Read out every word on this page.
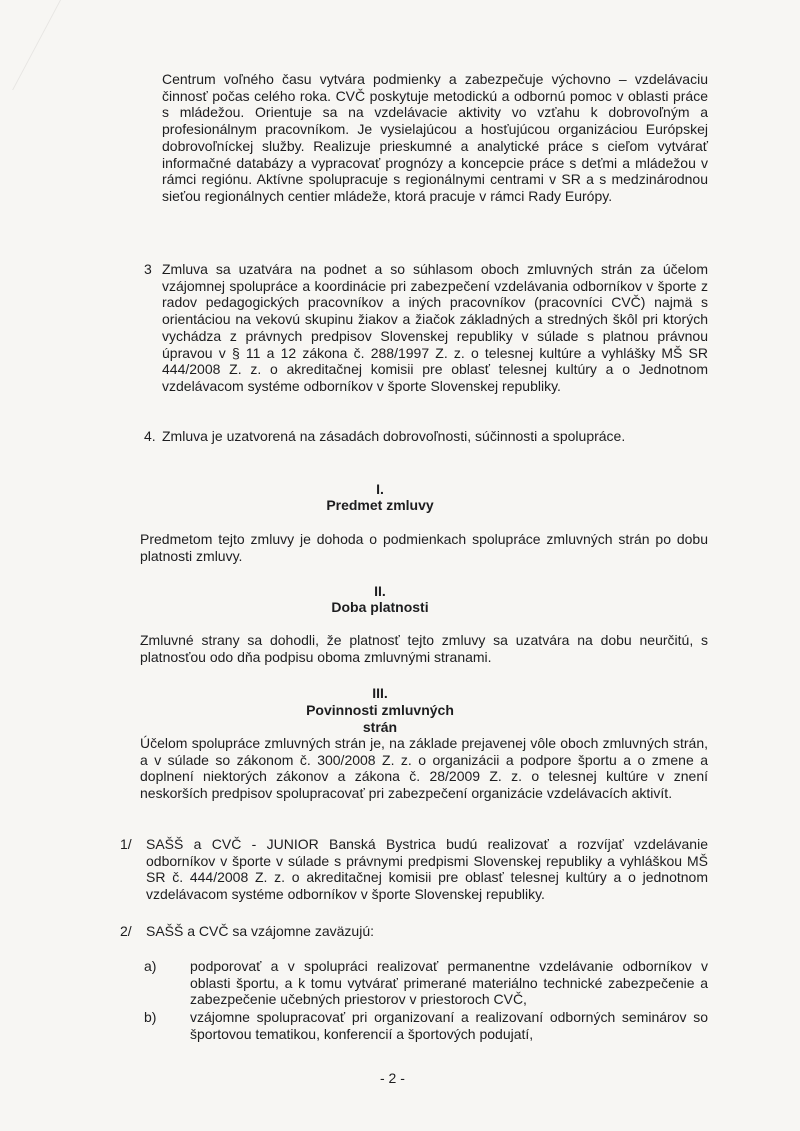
Centrum voľného času vytvára podmienky a zabezpečuje výchovno – vzdelávaciu činnosť počas celého roka. CVČ poskytuje metodickú a odbornú pomoc v oblasti práce s mládežou. Orientuje sa na vzdelávacie aktivity vo vzťahu k dobrovoľným a profesionálnym pracovníkom. Je vysielajúcou a hosťujúcou organizáciou Európskej dobrovoľníckej služby. Realizuje prieskumné a analytické práce s cieľom vytvárať informačné databázy a vypracovať prognózy a koncepcie práce s deťmi a mládežou v rámci regiónu. Aktívne spolupracuje s regionálnymi centrami v SR a s medzinárodnou sieťou regionálnych centier mládeže, ktorá pracuje v rámci Rady Európy.

3 Zmluva sa uzatvára na podnet a so súhlasom oboch zmluvných strán za účelom vzájomnej spolupráce a koordinácie pri zabezpečení vzdelávania odborníkov v športe z radov pedagogických pracovníkov a iných pracovníkov (pracovníci CVČ) najmä s orientáciou na vekovú skupinu žiakov a žiačok základných a stredných škôl pri ktorých vychádza z právnych predpisov Slovenskej republiky v súlade s platnou právnou úpravou v § 11 a 12 zákona č. 288/1997 Z. z. o telesnej kultúre a vyhlášky MŠ SR 444/2008 Z. z. o akreditačnej komisii pre oblasť telesnej kultúry a o Jednotnom vzdelávacom systéme odborníkov v športe Slovenskej republiky.

4. Zmluva je uzatvorená na zásadách dobrovoľnosti, súčinnosti a spolupráce.

I.
Predmet zmluvy

Predmetom tejto zmluvy je dohoda o podmienkach spolupráce zmluvných strán po dobu platnosti zmluvy.

II.
Doba platnosti

Zmluvné strany sa dohodli, že platnosť tejto zmluvy sa uzatvára na dobu neurčitú, s platnosťou odo dňa podpisu oboma zmluvnými stranami.

III.
Povinnosti zmluvných strán

Účelom spolupráce zmluvných strán je, na základe prejavenej vôle oboch zmluvných strán, a v súlade so zákonom č. 300/2008 Z. z. o organizácii a podpore športu a o zmene a doplnení niektorých zákonov a zákona č. 28/2009 Z. z. o telesnej kultúre v znení neskorších predpisov spolupracovať pri zabezpečení organizácie vzdelávacích aktivít.

1/ SAŠŠ a CVČ - JUNIOR Banská Bystrica budú realizovať a rozvíjať vzdelávanie odborníkov v športe v súlade s právnymi predpismi Slovenskej republiky a vyhláškou MŠ SR č. 444/2008 Z. z. o akreditačnej komisii pre oblasť telesnej kultúry a o jednotnom vzdelávacom systéme odborníkov v športe Slovenskej republiky.

2/ SAŠŠ a CVČ sa vzájomne zaväzujú:

a) podporovať a v spolupráci realizovať permanentne vzdelávanie odborníkov v oblasti športu, a k tomu vytvárať primerané materiálno technické zabezpečenie a zabezpečenie učebných priestorov v priestoroch CVČ,

b) vzájomne spolupracovať pri organizovaní a realizovaní odborných seminárov so športovou tematikou, konferencií a športových podujatí,

- 2 -
